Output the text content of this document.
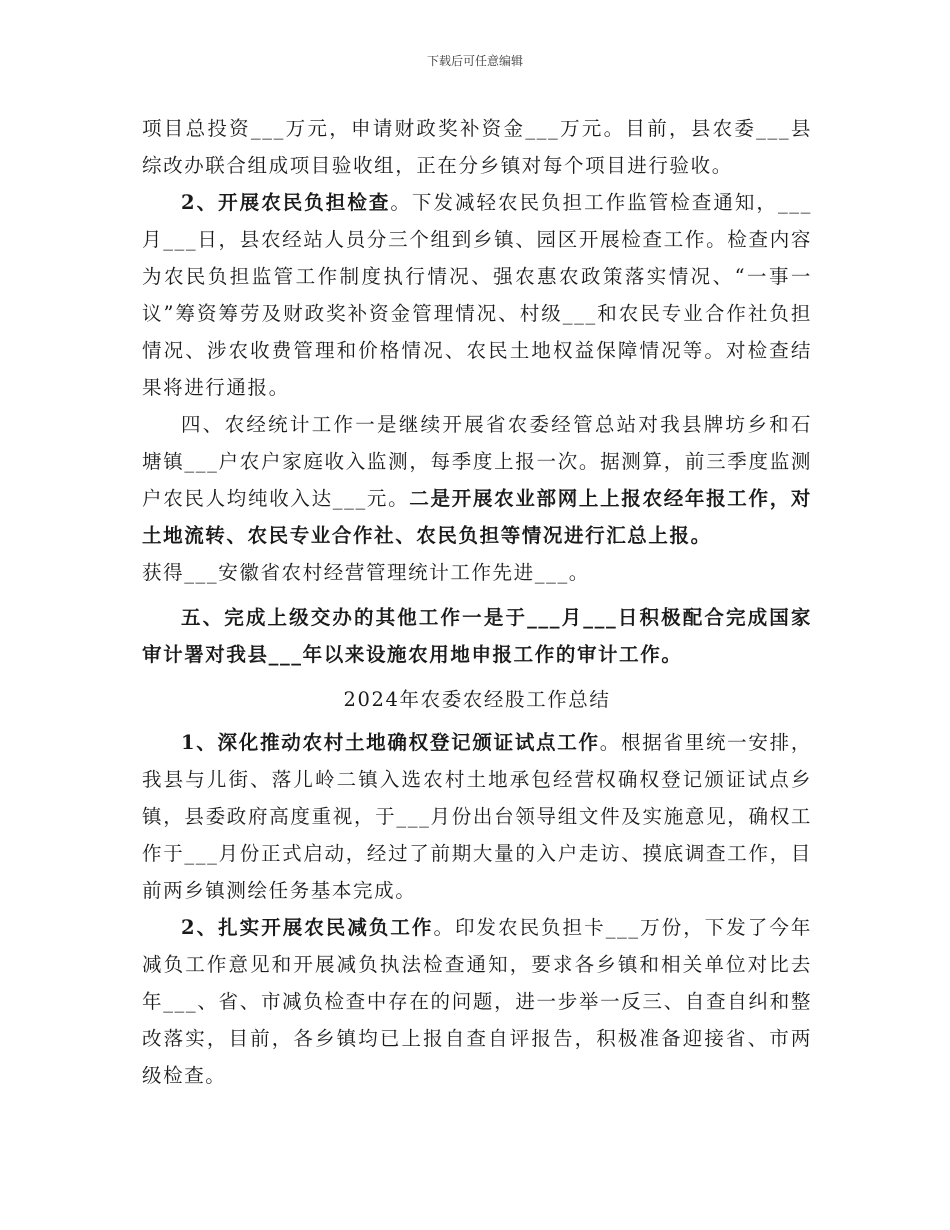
下载后可任意编辑

项目总投资___万元，申请财政奖补资金___万元。目前，县农委___县综改办联合组成项目验收组，正在分乡镇对每个项目进行验收。

2、开展农民负担检查。下发减轻农民负担工作监管检查通知，___月___日，县农经站人员分三个组到乡镇、园区开展检查工作。检查内容为农民负担监管工作制度执行情况、强农惠农政策落实情况、“一事一议”筹资筹劳及财政奖补资金管理情况、村级___和农民专业合作社负担情况、涉农收费管理和价格情况、农民土地权益保障情况等。对检查结果将进行通报。

四、农经统计工作一是继续开展省农委经管总站对我县牌坊乡和石塘镇___户农户家庭收入监测，每季度上报一次。据测算，前三季度监测户农民人均纯收入达___元。二是开展农业部网上上报农经年报工作，对土地流转、农民专业合作社、农民负担等情况进行汇总上报。

获得___安徽省农村经营管理统计工作先进___。

五、完成上级交办的其他工作一是于___月___日积极配合完成国家审计署对我县___年以来设施农用地申报工作的审计工作。

2024年农委农经股工作总结

1、深化推动农村土地确权登记颁证试点工作。根据省里统一安排，我县与儿街、落儿岭二镇入选农村土地承包经营权确权登记颁证试点乡镇，县委政府高度重视，于___月份出台领导组文件及实施意见，确权工作于___月份正式启动，经过了前期大量的入户走访、摸底调查工作，目前两乡镇测绘任务基本完成。

2、扎实开展农民减负工作。印发农民负担卡___万份，下发了今年减负工作意见和开展减负执法检查通知，要求各乡镇和相关单位对比去年___、省、市减负检查中存在的问题，进一步举一反三、自查自纠和整改落实，目前，各乡镇均已上报自查自评报告，积极准备迎接省、市两级检查。
